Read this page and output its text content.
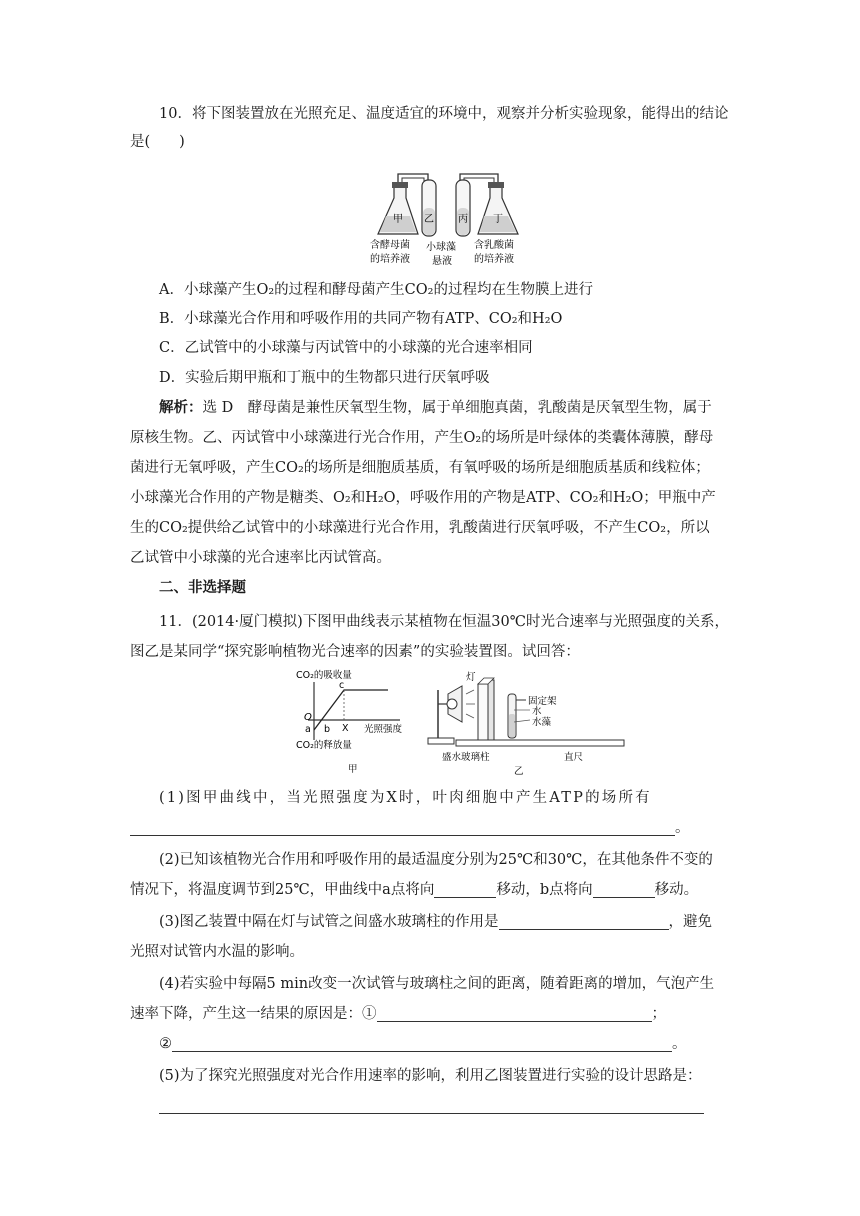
10．将下图装置放在光照充足、温度适宜的环境中，观察并分析实验现象，能得出的结论是(　　)

甲 乙 丙	丁
含酵母菌
的培养液
小球藻
悬液
含乳酸菌
的培养液

A．小球藻产生O₂的过程和酵母菌产生CO₂的过程均在生物膜上进行

B．小球藻光合作用和呼吸作用的共同产物有ATP、CO₂和H₂O

C．乙试管中的小球藻与丙试管中的小球藻的光合速率相同

D．实验后期甲瓶和丁瓶中的生物都只进行厌氧呼吸

解析：选 D　酵母菌是兼性厌氧型生物，属于单细胞真菌，乳酸菌是厌氧型生物，属于

原核生物。乙、丙试管中小球藻进行光合作用，产生O₂的场所是叶绿体的类囊体薄膜，酵母

菌进行无氧呼吸，产生CO₂的场所是细胞质基质，有氧呼吸的场所是细胞质基质和线粒体；

小球藻光合作用的产物是糖类、O₂和H₂O，呼吸作用的产物是ATP、CO₂和H₂O；甲瓶中产

生的CO₂提供给乙试管中的小球藻进行光合作用，乳酸菌进行厌氧呼吸，不产生CO₂，所以

乙试管中小球藻的光合速率比丙试管高。

二、非选择题

11．(2014·厦门模拟)下图甲曲线表示某植物在恒温30℃时光合速率与光照强度的关系，

图乙是某同学“探究影响植物光合速率的因素”的实验装置图。试回答：

CO₂的吸收量
O
a b
c
X 光照强度
CO₂的释放量
甲
灯
固定架
水
水藻
盛水玻璃柱	直尺
乙

(1)图甲曲线中，当光照强度为X时，叶肉细胞中产生ATP的场所有

。

(2)已知该植物光合作用和呼吸作用的最适温度分别为25℃和30℃，在其他条件不变的

情况下，将温度调节到25℃，甲曲线中a点将向	移动，b点将向	移动。

(3)图乙装置中隔在灯与试管之间盛水玻璃柱的作用是	，避免

光照对试管内水温的影响。

(4)若实验中每隔5 min改变一次试管与玻璃柱之间的距离，随着距离的增加，气泡产生

速率下降，产生这一结果的原因是：①	；

②	。

(5)为了探究光照强度对光合作用速率的影响，利用乙图装置进行实验的设计思路是：
